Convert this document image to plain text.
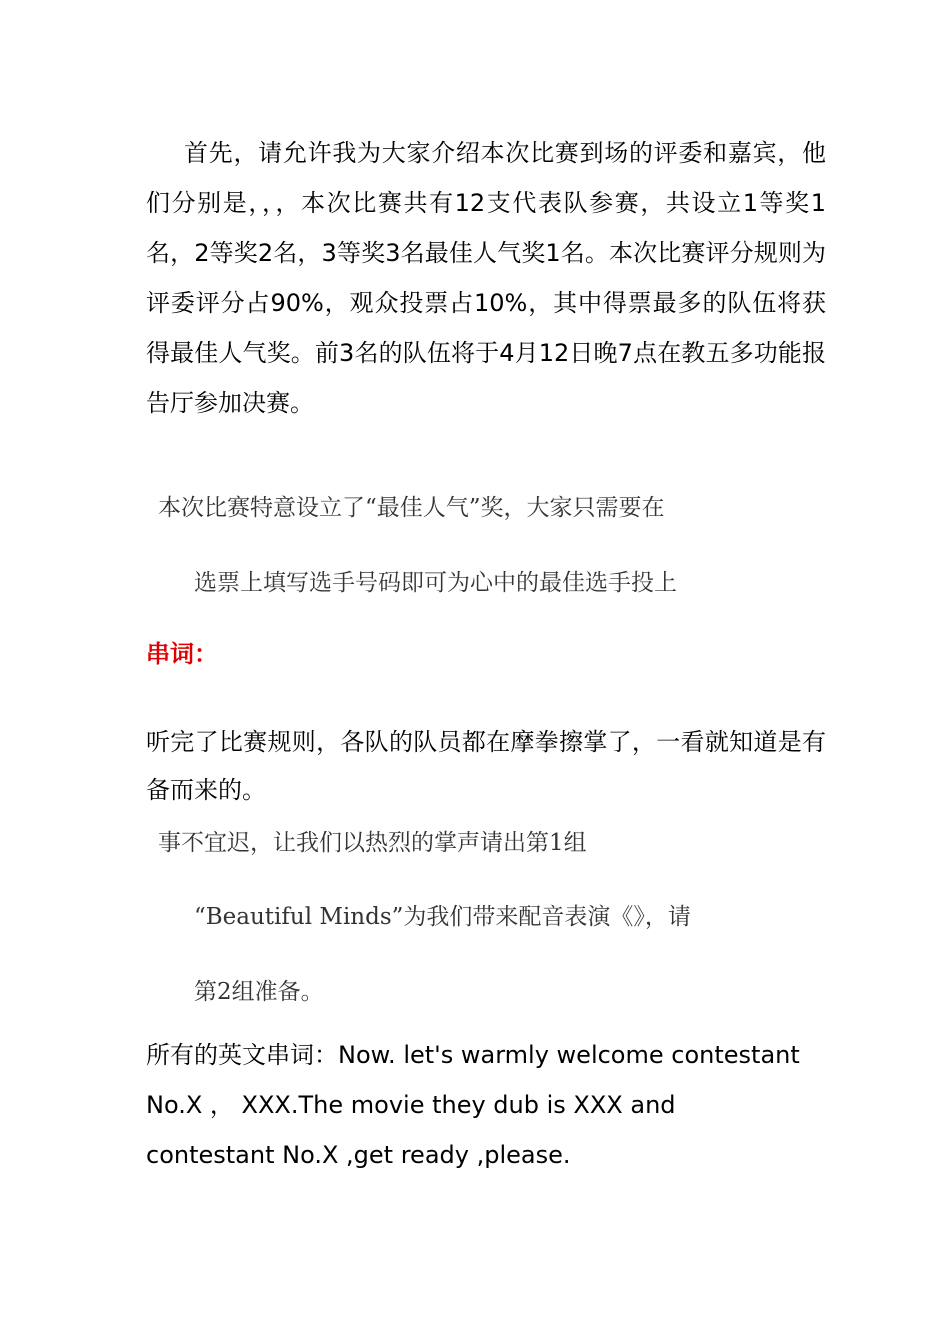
首先，请允许我为大家介绍本次比赛到场的评委和嘉宾，他们分别是，，，本次比赛共有12支代表队参赛，共设立1等奖1名，2等奖2名，3等奖3名最佳人气奖1名。本次比赛评分规则为评委评分占90%，观众投票占10%，其中得票最多的队伍将获得最佳人气奖。前3名的队伍将于4月12日晚7点在教五多功能报告厅参加决赛。

本次比赛特意设立了“最佳人气”奖，大家只需要在

选票上填写选手号码即可为心中的最佳选手投上

串词：

听完了比赛规则，各队的队员都在摩拳擦掌了，一看就知道是有备而来的。

事不宜迟，让我们以热烈的掌声请出第1组

“Beautiful Minds”为我们带来配音表演《》，请

第2组准备。

所有的英文串词：Now. let's warmly welcome contestant No.X ， XXX.The movie they dub is XXX and contestant No.X ,get ready ,please.
